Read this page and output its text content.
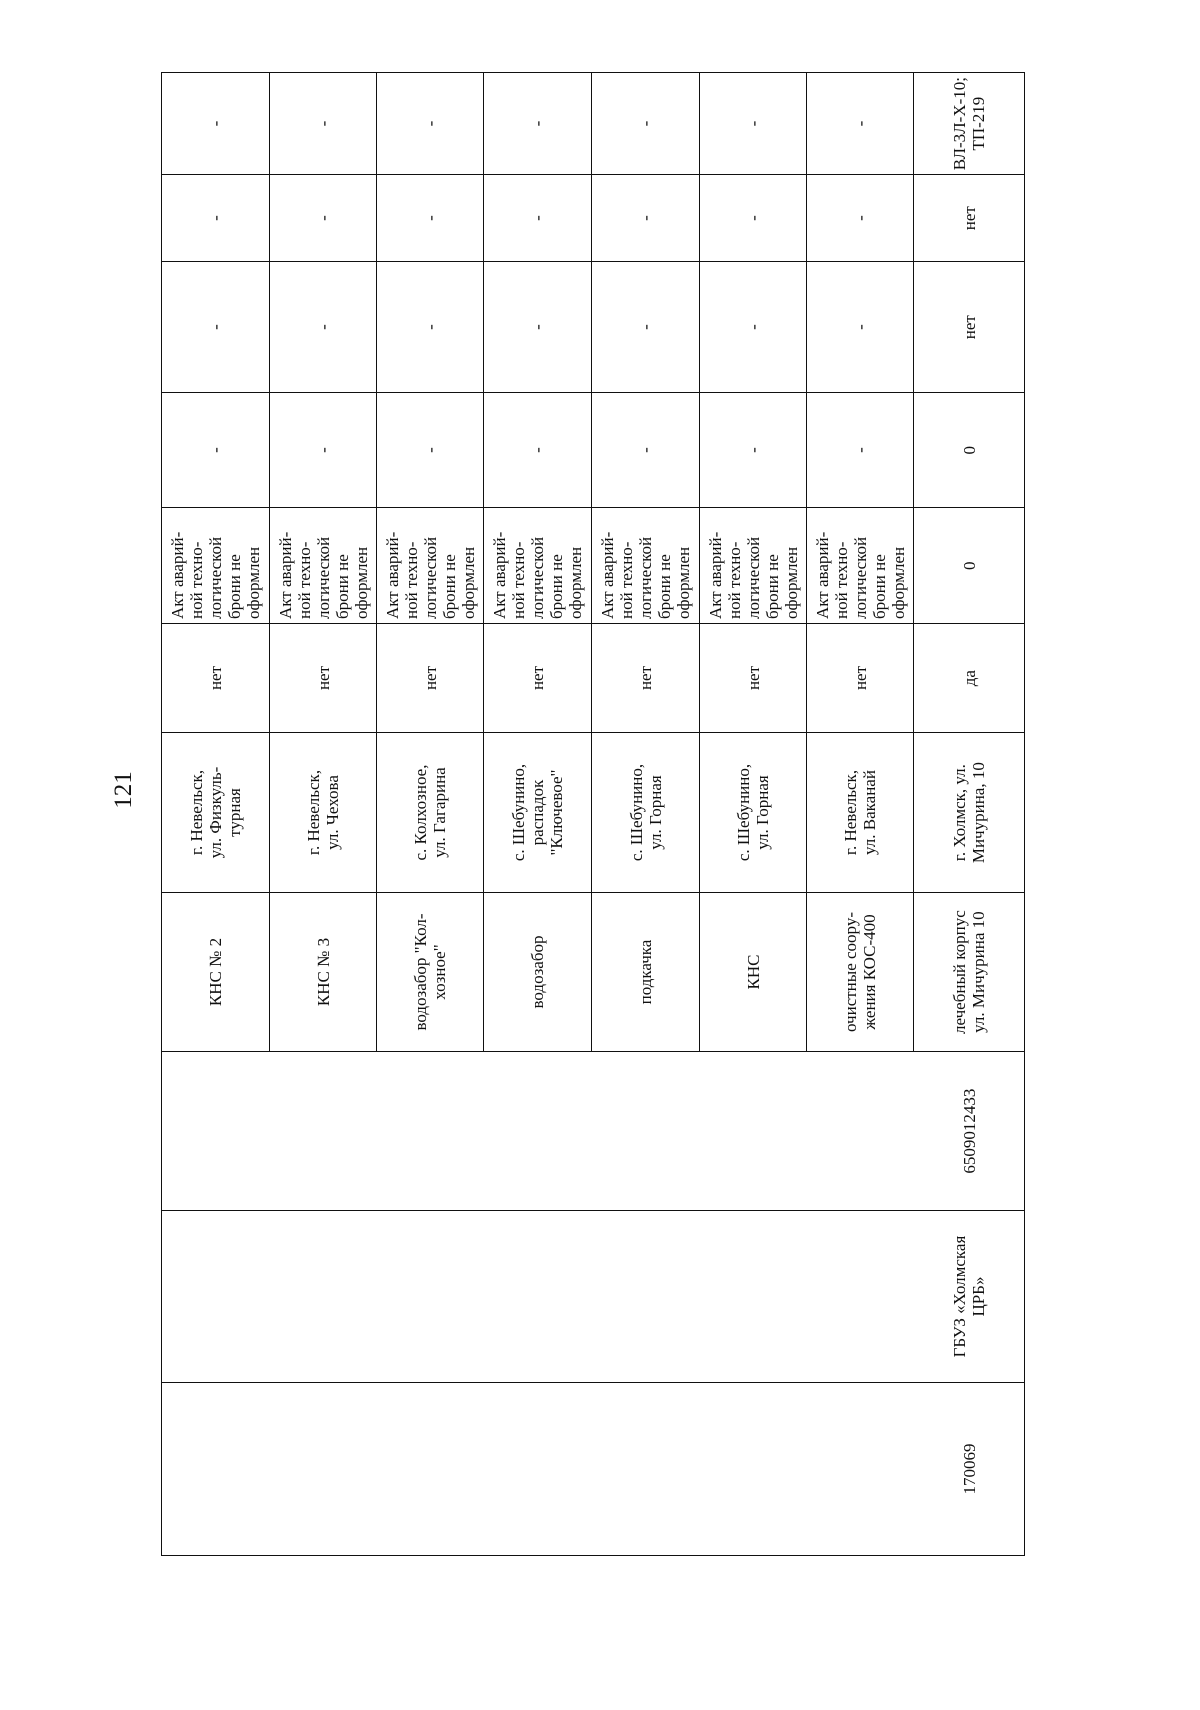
121
КНС № 2
г. Невельск,
ул. Физкуль-
турная
нет
Акт аварий-
ной техно-
логической
брони не
оформлен
-
-
-
-
КНС № 3
г. Невельск,
ул. Чехова
нет
Акт аварий-
ной техно-
логической
брони не
оформлен
-
-
-
-
водозабор "Кол-
хозное"
с. Колхозное,
ул. Гагарина
нет
Акт аварий-
ной техно-
логической
брони не
оформлен
-
-
-
-
водозабор
с. Шебунино,
распадок
"Ключевое"
нет
Акт аварий-
ной техно-
логической
брони не
оформлен
-
-
-
-
подкачка
с. Шебунино,
ул. Горная
нет
Акт аварий-
ной техно-
логической
брони не
оформлен
-
-
-
-
КНС
с. Шебунино,
ул. Горная
нет
Акт аварий-
ной техно-
логической
брони не
оформлен
-
-
-
-
очистные соору-
жения КОС-400
г. Невельск,
ул. Ваканай
нет
Акт аварий-
ной техно-
логической
брони не
оформлен
-
-
-
-
170069
ГБУЗ «Холмская
ЦРБ»
6509012433
лечебный корпус
ул. Мичурина 10
г. Холмск, ул.
Мичурина, 10
да
0
0
нет
нет
ВЛ-3Л-Х-10;
ТП-219
